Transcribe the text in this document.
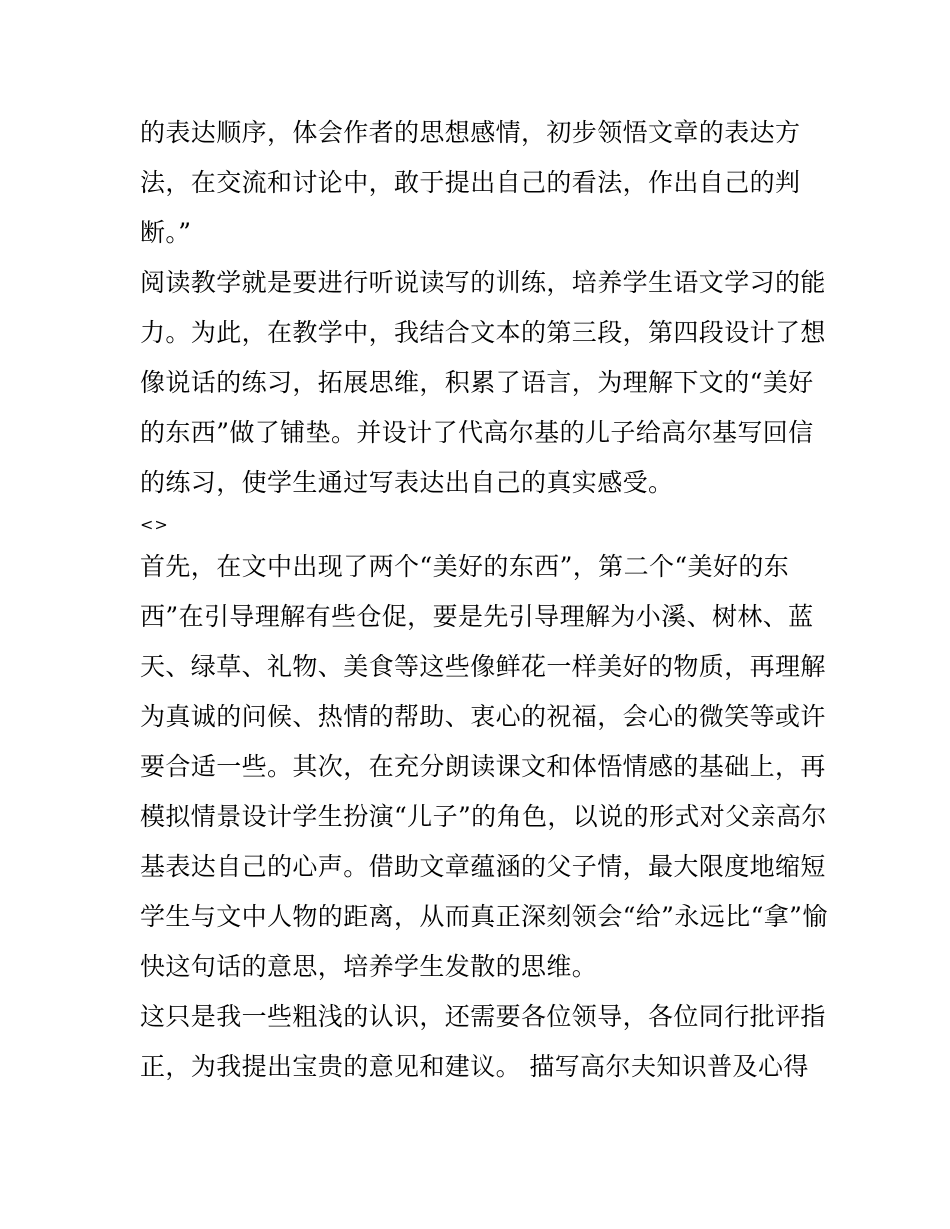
的表达顺序，体会作者的思想感情，初步领悟文章的表达方
法，在交流和讨论中，敢于提出自己的看法，作出自己的判
断。”
阅读教学就是要进行听说读写的训练，培养学生语文学习的能
力。为此，在教学中，我结合文本的第三段，第四段设计了想
像说话的练习，拓展思维，积累了语言，为理解下文的“美好
的东西”做了铺垫。并设计了代高尔基的儿子给高尔基写回信
的练习，使学生通过写表达出自己的真实感受。
<>
首先，在文中出现了两个“美好的东西”，第二个“美好的东
西”在引导理解有些仓促，要是先引导理解为小溪、树林、蓝
天、绿草、礼物、美食等这些像鲜花一样美好的物质，再理解
为真诚的问候、热情的帮助、衷心的祝福，会心的微笑等或许
要合适一些。其次，在充分朗读课文和体悟情感的基础上，再
模拟情景设计学生扮演“儿子”的角色，以说的形式对父亲高尔
基表达自己的心声。借助文章蕴涵的父子情，最大限度地缩短
学生与文中人物的距离，从而真正深刻领会“给”永远比“拿”愉
快这句话的意思，培养学生发散的思维。
这只是我一些粗浅的认识，还需要各位领导，各位同行批评指
正，为我提出宝贵的意见和建议。 描写高尔夫知识普及心得
